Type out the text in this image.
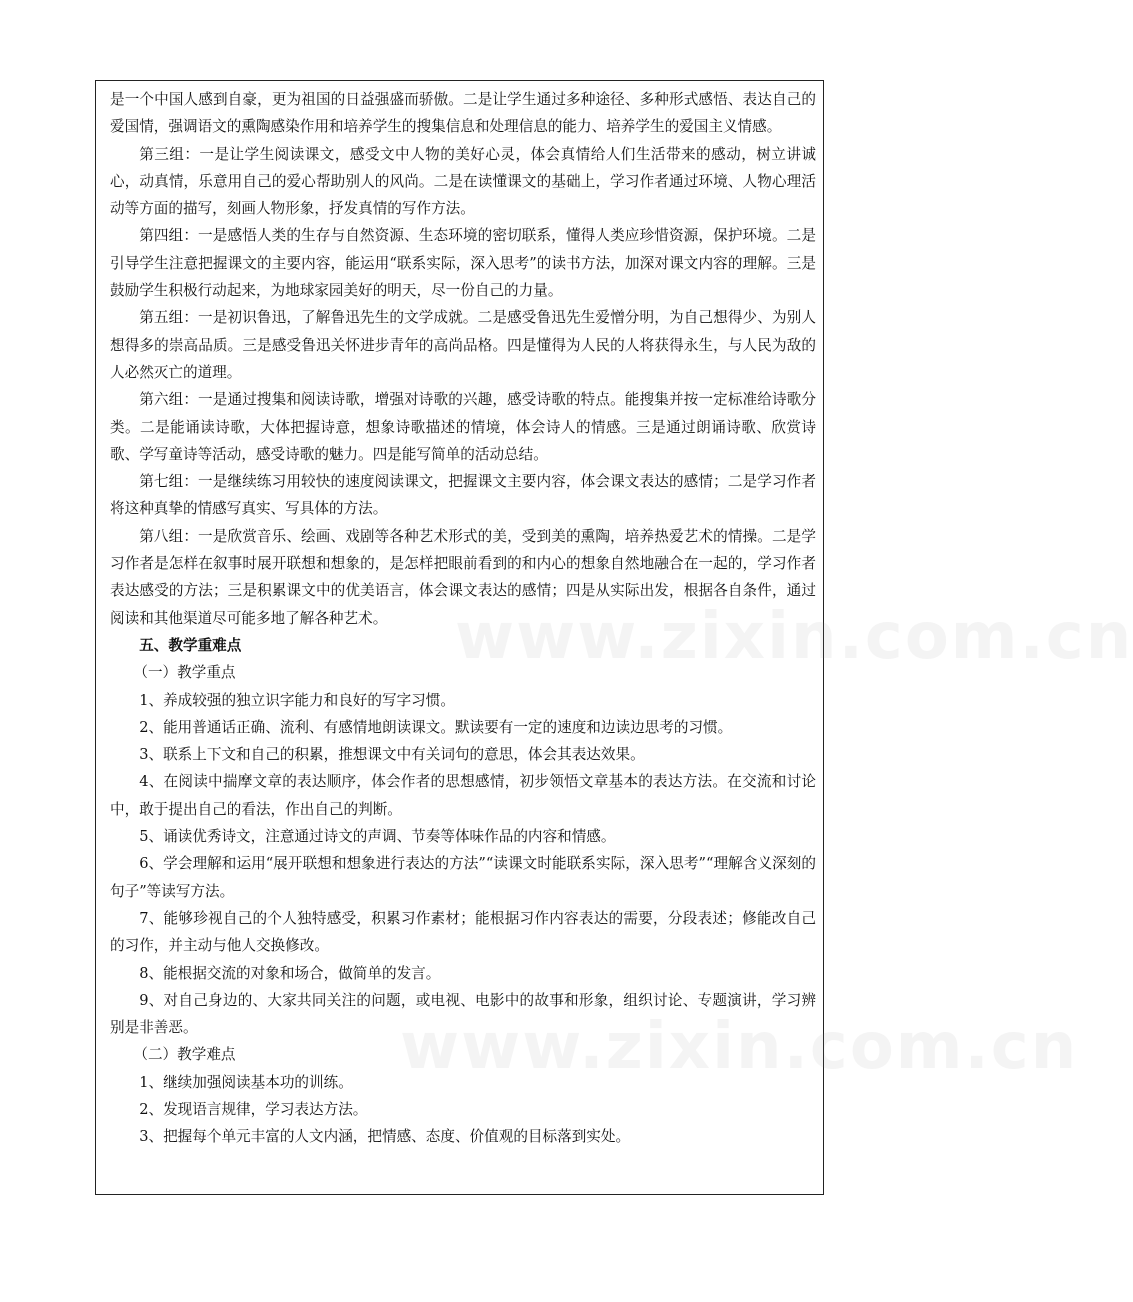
www.zixin.com.cn
www.zixin.com.cn

是一个中国人感到自豪，更为祖国的日益强盛而骄傲。二是让学生通过多种途径、多种形式感悟、表达自己的爱国情，强调语文的熏陶感染作用和培养学生的搜集信息和处理信息的能力、培养学生的爱国主义情感。

第三组：一是让学生阅读课文，感受文中人物的美好心灵，体会真情给人们生活带来的感动，树立讲诚心，动真情，乐意用自己的爱心帮助别人的风尚。二是在读懂课文的基础上，学习作者通过环境、人物心理活动等方面的描写，刻画人物形象，抒发真情的写作方法。

第四组：一是感悟人类的生存与自然资源、生态环境的密切联系，懂得人类应珍惜资源，保护环境。二是引导学生注意把握课文的主要内容，能运用“联系实际，深入思考”的读书方法，加深对课文内容的理解。三是鼓励学生积极行动起来，为地球家园美好的明天，尽一份自己的力量。

第五组：一是初识鲁迅，了解鲁迅先生的文学成就。二是感受鲁迅先生爱憎分明，为自己想得少、为别人想得多的崇高品质。三是感受鲁迅关怀进步青年的高尚品格。四是懂得为人民的人将获得永生，与人民为敌的人必然灭亡的道理。

第六组：一是通过搜集和阅读诗歌，增强对诗歌的兴趣，感受诗歌的特点。能搜集并按一定标准给诗歌分类。二是能诵读诗歌，大体把握诗意，想象诗歌描述的情境，体会诗人的情感。三是通过朗诵诗歌、欣赏诗歌、学写童诗等活动，感受诗歌的魅力。四是能写简单的活动总结。

第七组：一是继续练习用较快的速度阅读课文，把握课文主要内容，体会课文表达的感情；二是学习作者将这种真挚的情感写真实、写具体的方法。

第八组：一是欣赏音乐、绘画、戏剧等各种艺术形式的美，受到美的熏陶，培养热爱艺术的情操。二是学习作者是怎样在叙事时展开联想和想象的，是怎样把眼前看到的和内心的想象自然地融合在一起的，学习作者表达感受的方法；三是积累课文中的优美语言，体会课文表达的感情；四是从实际出发，根据各自条件，通过阅读和其他渠道尽可能多地了解各种艺术。

五、教学重难点

（一）教学重点

1、养成较强的独立识字能力和良好的写字习惯。

2、能用普通话正确、流利、有感情地朗读课文。默读要有一定的速度和边读边思考的习惯。

3、联系上下文和自己的积累，推想课文中有关词句的意思，体会其表达效果。

4、在阅读中揣摩文章的表达顺序，体会作者的思想感情，初步领悟文章基本的表达方法。在交流和讨论中，敢于提出自己的看法，作出自己的判断。

5、诵读优秀诗文，注意通过诗文的声调、节奏等体味作品的内容和情感。

6、学会理解和运用“展开联想和想象进行表达的方法”“读课文时能联系实际，深入思考”“理解含义深刻的句子”等读写方法。

7、能够珍视自己的个人独特感受，积累习作素材；能根据习作内容表达的需要，分段表述；修能改自己的习作，并主动与他人交换修改。

8、能根据交流的对象和场合，做简单的发言。

9、对自己身边的、大家共同关注的问题，或电视、电影中的故事和形象，组织讨论、专题演讲，学习辨别是非善恶。

（二）教学难点

1、继续加强阅读基本功的训练。

2、发现语言规律，学习表达方法。

3、把握每个单元丰富的人文内涵，把情感、态度、价值观的目标落到实处。
